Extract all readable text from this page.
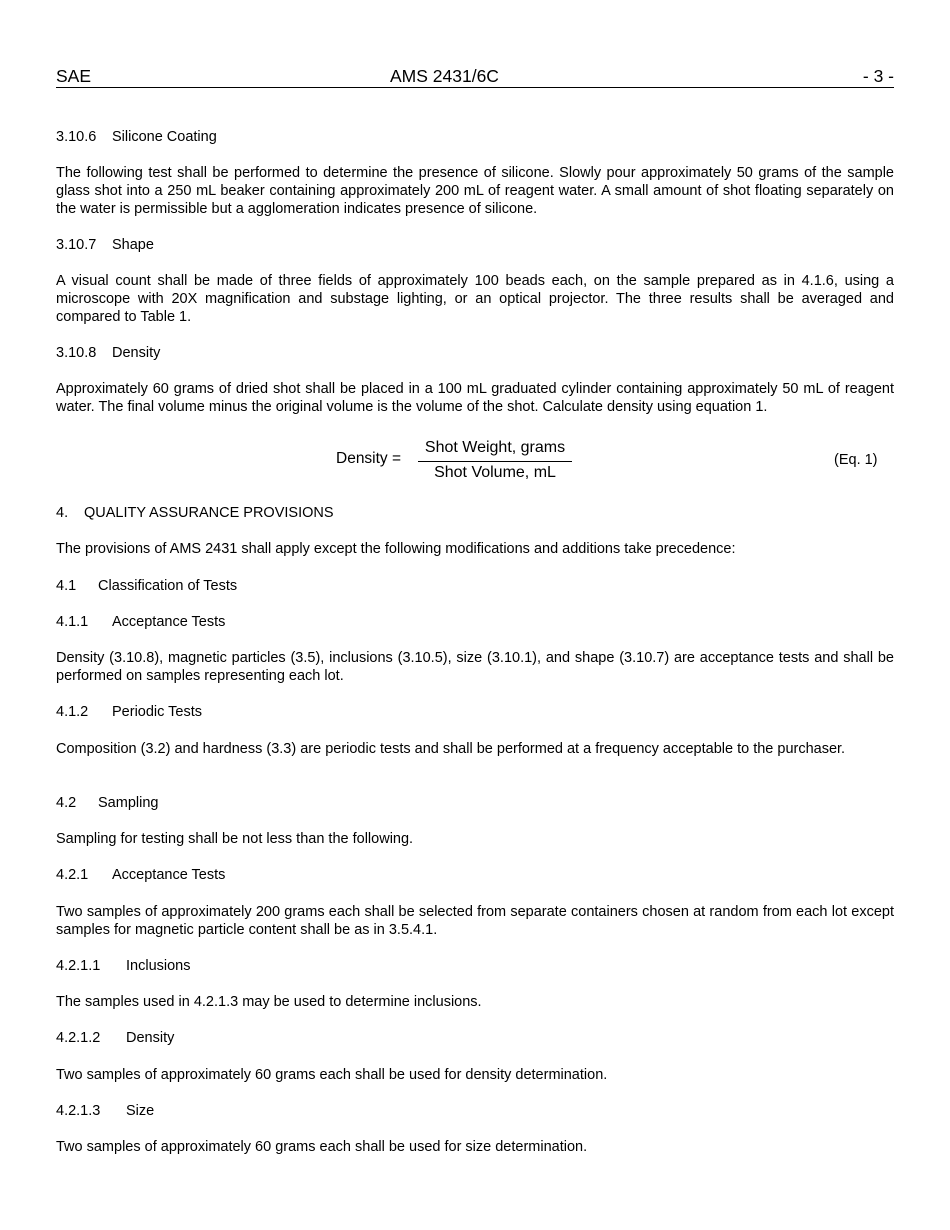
SAE	AMS 2431/6C	- 3 -
3.10.6 Silicone Coating
The following test shall be performed to determine the presence of silicone. Slowly pour approximately 50 grams of the sample glass shot into a 250 mL beaker containing approximately 200 mL of reagent water. A small amount of shot floating separately on the water is permissible but a agglomeration indicates presence of silicone.
3.10.7 Shape
A visual count shall be made of three fields of approximately 100 beads each, on the sample prepared as in 4.1.6, using a microscope with 20X magnification and substage lighting, or an optical projector. The three results shall be averaged and compared to Table 1.
3.10.8 Density
Approximately 60 grams of dried shot shall be placed in a 100 mL graduated cylinder containing approximately 50 mL of reagent water. The final volume minus the original volume is the volume of the shot. Calculate density using equation 1.
Density =
Shot Weight, grams
Shot Volume, mL
(Eq. 1)
4. QUALITY ASSURANCE PROVISIONS
The provisions of AMS 2431 shall apply except the following modifications and additions take precedence:
4.1 Classification of Tests
4.1.1 Acceptance Tests
Density (3.10.8), magnetic particles (3.5), inclusions (3.10.5), size (3.10.1), and shape (3.10.7) are acceptance tests and shall be performed on samples representing each lot.
4.1.2 Periodic Tests
Composition (3.2) and hardness (3.3) are periodic tests and shall be performed at a frequency acceptable to the purchaser.
4.2 Sampling
Sampling for testing shall be not less than the following.
4.2.1 Acceptance Tests
Two samples of approximately 200 grams each shall be selected from separate containers chosen at random from each lot except samples for magnetic particle content shall be as in 3.5.4.1.
4.2.1.1 Inclusions
The samples used in 4.2.1.3 may be used to determine inclusions.
4.2.1.2 Density
Two samples of approximately 60 grams each shall be used for density determination.
4.2.1.3 Size
Two samples of approximately 60 grams each shall be used for size determination.
